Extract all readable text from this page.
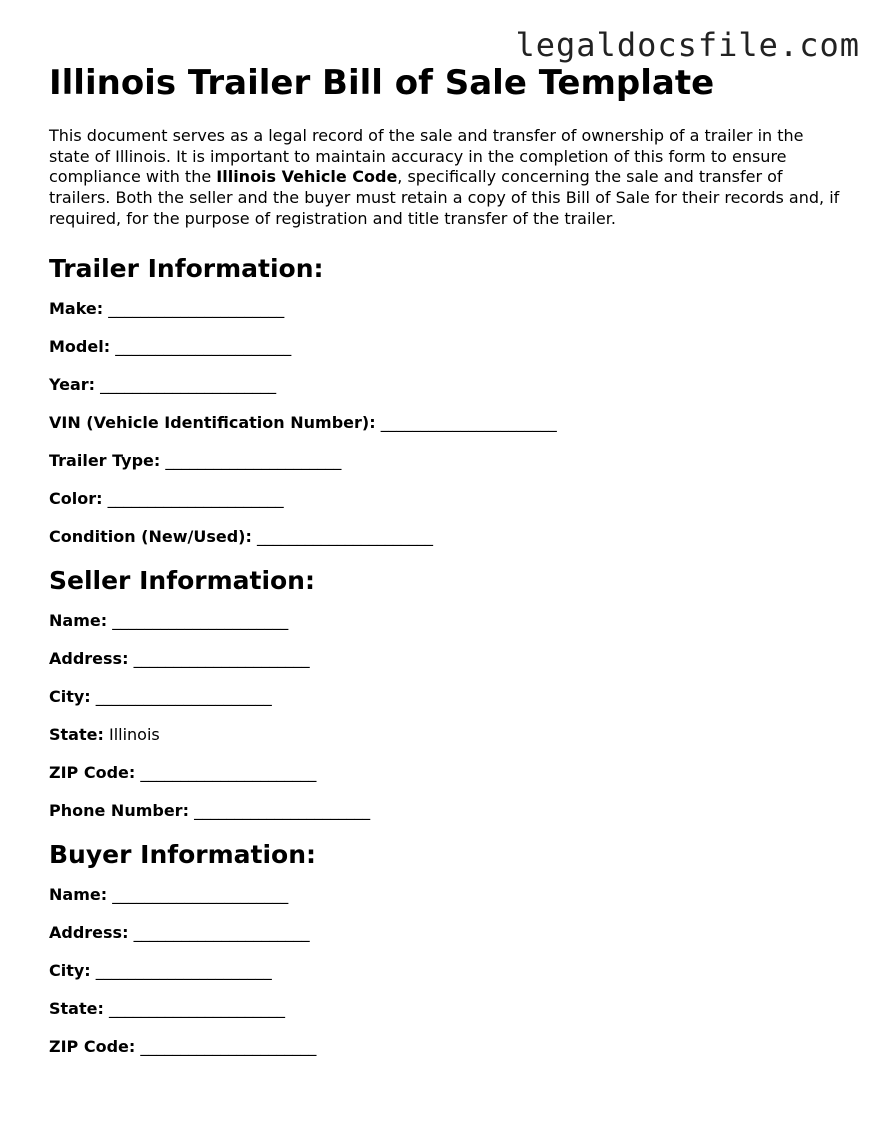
legaldocsfile.com
Illinois Trailer Bill of Sale Template

This document serves as a legal record of the sale and transfer of ownership of a trailer in the state of Illinois. It is important to maintain accuracy in the completion of this form to ensure compliance with the Illinois Vehicle Code, specifically concerning the sale and transfer of trailers. Both the seller and the buyer must retain a copy of this Bill of Sale for their records and, if required, for the purpose of registration and title transfer of the trailer.

Trailer Information:
Make: ______________________
Model: ______________________
Year: ______________________
VIN (Vehicle Identification Number): ______________________
Trailer Type: ______________________
Color: ______________________
Condition (New/Used): ______________________
Seller Information:
Name: ______________________
Address: ______________________
City: ______________________
State: Illinois
ZIP Code: ______________________
Phone Number: ______________________
Buyer Information:
Name: ______________________
Address: ______________________
City: ______________________
State: ______________________
ZIP Code: ______________________
